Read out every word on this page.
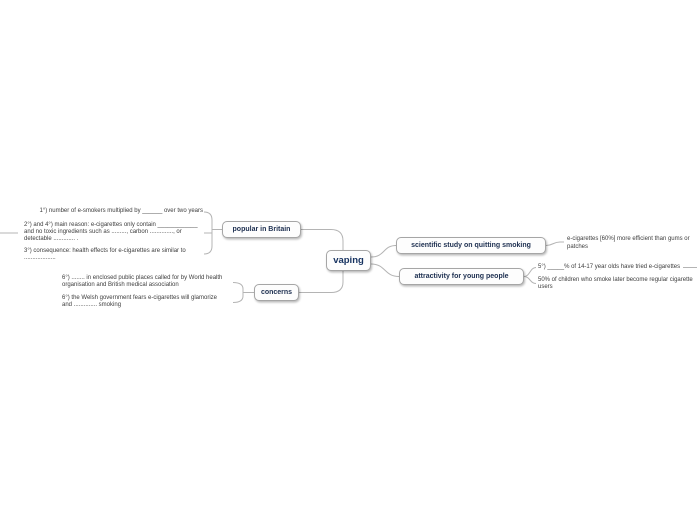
vaping
popular in Britain
scientific study on quitting smoking
attractivity for young people
concerns
1°) number of e-smokers multiplied by ______ over two years
2°) and 4°) main reason: e-cigarettes only contain ____________
and no toxic ingredients such as ........., carbon .............., or
detectable ............. .
3°) consequence: health effects for e-cigarettes are similar to
...................
e-cigarettes [60%] more efficient than gums or
patches
5°) _____% of 14-17 year olds have tried e-cigarettes
50% of children who smoke later become regular cigarette
users
6°) ........ in enclosed public places called for by World health
organisation and British medical association
6°) the Welsh government fears e-cigarettes will glamorize
and .............. smoking
